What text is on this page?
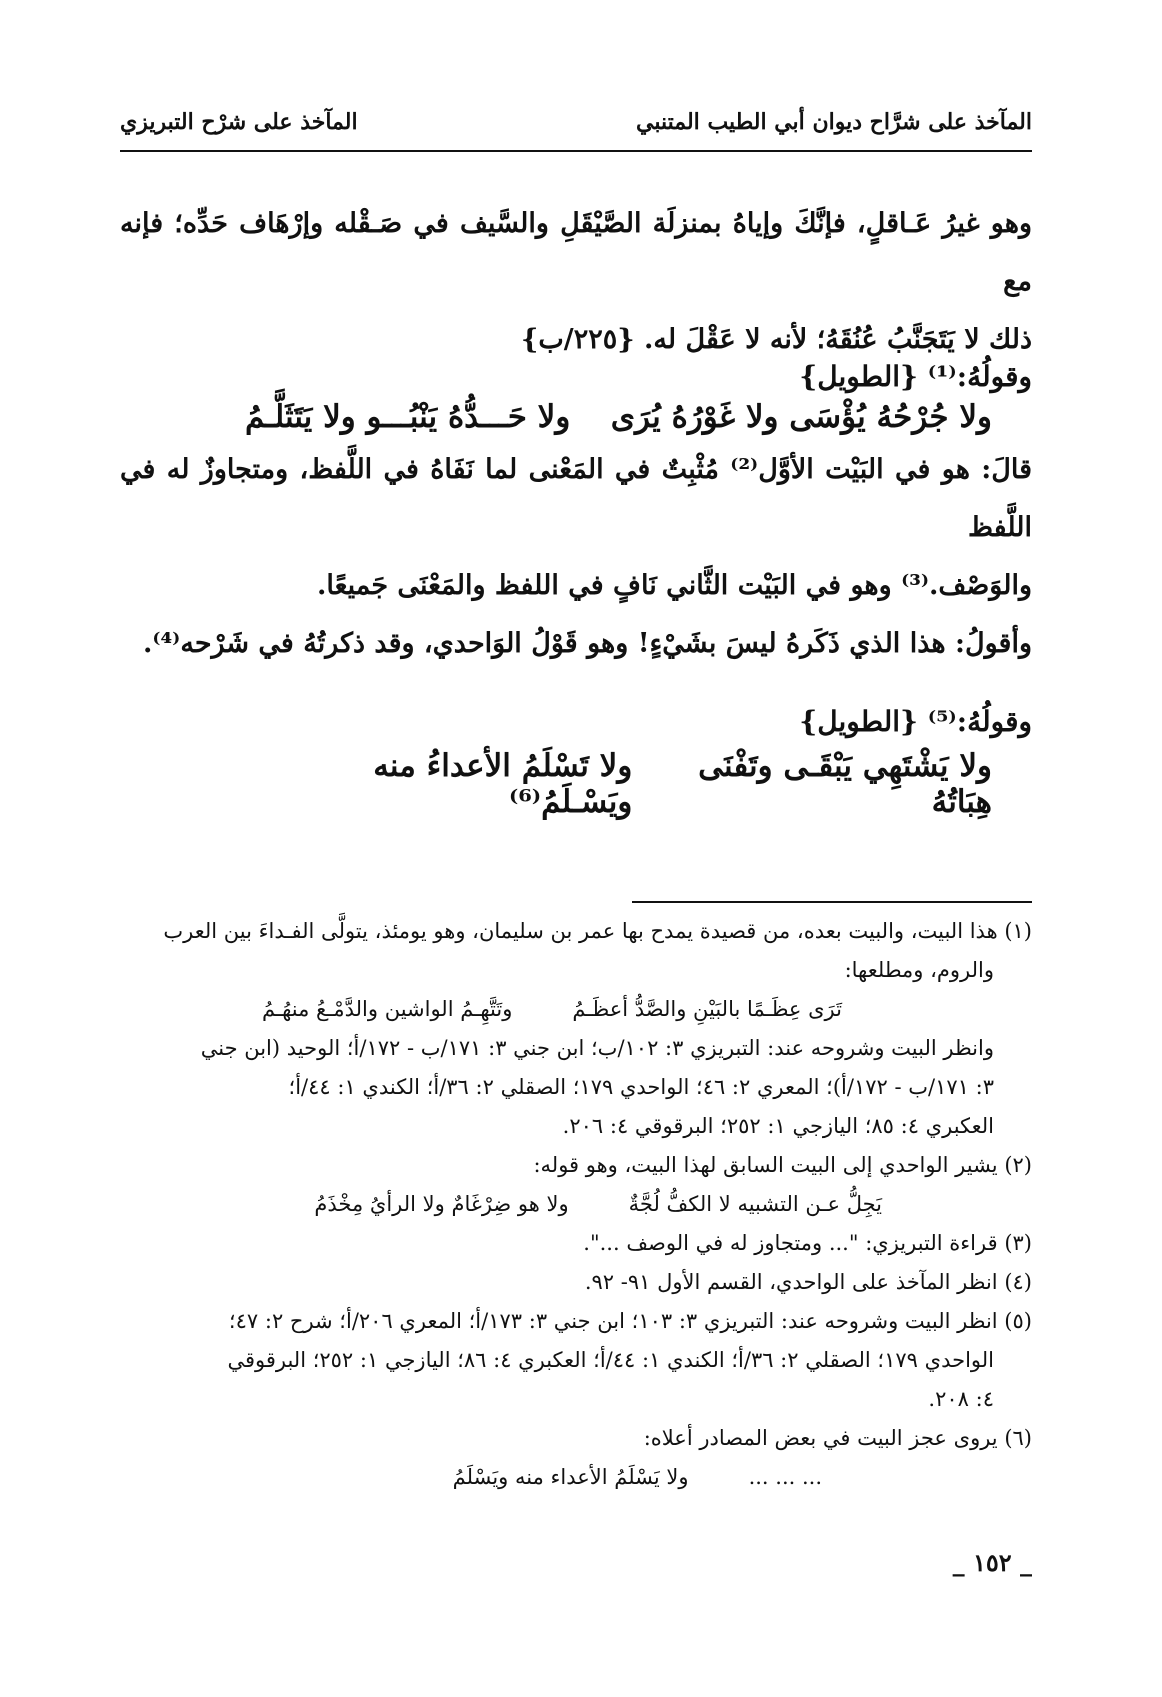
المآخذ على شرَّاح ديوان أبي الطيب المتنبي
المآخذ على شرْح التبريزي

وهو غيرُ عَـاقلٍ، فإنَّكَ وإياهُ بمنزلَة الصَّيْقَلِ والسَّيف في صَـقْله وإرْهَاف حَدِّه؛ فإنه مع

ذلك لا يَتَجَنَّبُ عُنُقَهُ؛ لأنه لا عَقْلَ له. {٢٢٥/ب}

وقولُهُ:⁽¹⁾ {الطويل}
ولا جُرْحُهُ يُؤْسَى ولا غَوْرُهُ يُرَى
ولا حَـــدُّهُ يَنْبُـــو ولا يَتَثَلَّـمُ

قالَ: هو في البَيْت الأوَّل⁽²⁾ مُثْبِتٌ في المَعْنى لما نَفَاهُ في اللَّفظ، ومتجاوزٌ له في اللَّفظ

والوَصْف.⁽³⁾ وهو في البَيْت الثَّاني نَافٍ في اللفظ والمَعْنَى جَميعًا.

وأقولُ: هذا الذي ذَكَرهُ ليسَ بشَيْءٍ! وهو قَوْلُ الوَاحدي، وقد ذكرتُهُ في شَرْحه⁽⁴⁾.

وقولُهُ:⁽⁵⁾ {الطويل}
ولا يَشْتَهِي يَبْقَـى وتَفْنَى هِبَاتُهُ
ولا تَسْلَمُ الأعداءُ منه ويَسْـلَمُ⁽⁶⁾

(١) هذا البيت، والبيت بعده، من قصيدة يمدح بها عمر بن سليمان، وهو يومئذ، يتولَّى الفـداءَ بين العرب

والروم، ومطلعها:

تَرَى عِظَـمًا بالبَيْنِ والصَّدُّ أعظَـمُ
وتَتَّهِـمُ الواشين والدَّمْـعُ منهُـمُ

وانظر البيت وشروحه عند: التبريزي ٣: ١٠٢/ب؛ ابن جني ٣: ١٧١/ب - ١٧٢/أ؛ الوحيد (ابن جني

٣: ١٧١/ب - ١٧٢/أ)؛ المعري ٢: ٤٦؛ الواحدي ١٧٩؛ الصقلي ٢: ٣٦/أ؛ الكندي ١: ٤٤/أ؛

العكبري ٤: ٨٥؛ اليازجي ١: ٢٥٢؛ البرقوقي ٤: ٢٠٦.

(٢) يشير الواحدي إلى البيت السابق لهذا البيت، وهو قوله:

يَجِلُّ عـن التشبيه لا الكفُّ لُجَّةٌ
ولا هو ضِرْغَامٌ ولا الرأيُ مِخْذَمُ

(٣) قراءة التبريزي: "... ومتجاوز له في الوصف ...".

(٤) انظر المآخذ على الواحدي، القسم الأول ٩١- ٩٢.

(٥) انظر البيت وشروحه عند: التبريزي ٣: ١٠٣؛ ابن جني ٣: ١٧٣/أ؛ المعري ٢٠٦/أ؛ شرح ٢: ٤٧؛

الواحدي ١٧٩؛ الصقلي ٢: ٣٦/أ؛ الكندي ١: ٤٤/أ؛ العكبري ٤: ٨٦؛ اليازجي ١: ٢٥٢؛ البرقوقي

٤: ٢٠٨.

(٦) يروى عجز البيت في بعض المصادر أعلاه:

... ... ...
ولا يَسْلَمُ الأعداء منه ويَسْلَمُ
_ ١٥٢ _
